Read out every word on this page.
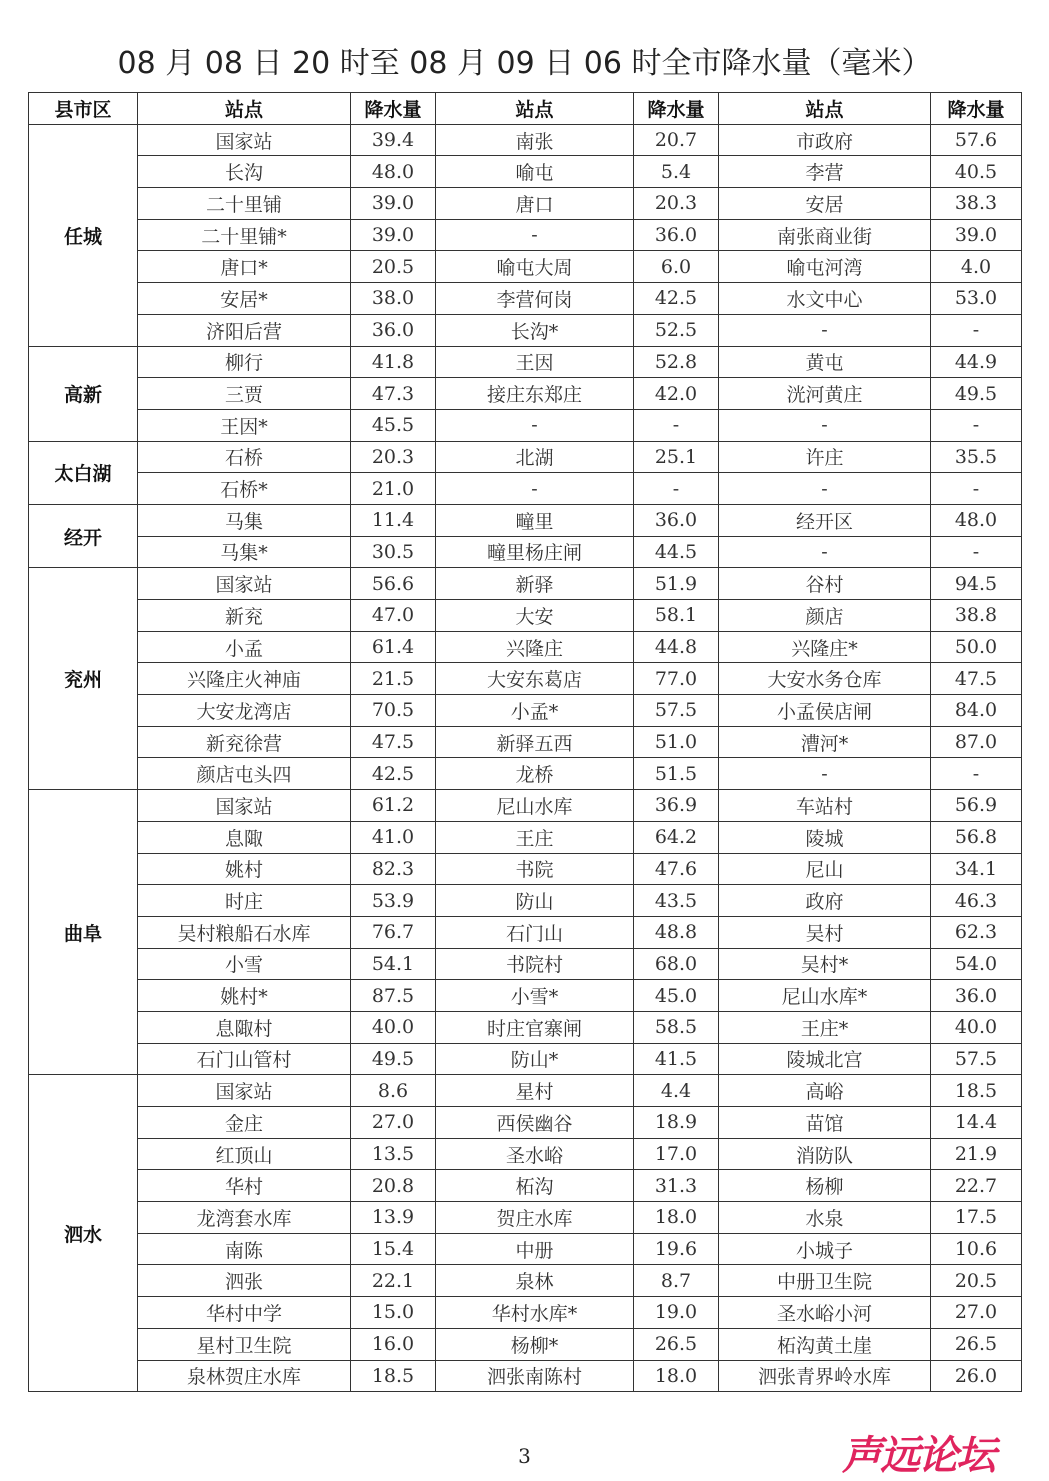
08 月 08 日 20 时至 08 月 09 日 06 时全市降水量（毫米）
县市区	站点	降水量	站点	降水量	站点	降水量
任城	国家站	39.4	南张	20.7	市政府	57.6
	长沟	48.0	喻屯	5.4	李营	40.5
	二十里铺	39.0	唐口	20.3	安居	38.3
	二十里铺*	39.0	-	36.0	南张商业街	39.0
	唐口*	20.5	喻屯大周	6.0	喻屯河湾	4.0
	安居*	38.0	李营何岗	42.5	水文中心	53.0
	济阳后营	36.0	长沟*	52.5	-	-
高新	柳行	41.8	王因	52.8	黄屯	44.9
	三贾	47.3	接庄东郑庄	42.0	洸河黄庄	49.5
	王因*	45.5	-	-	-	-
太白湖	石桥	20.3	北湖	25.1	许庄	35.5
	石桥*	21.0	-	-	-	-
经开	马集	11.4	疃里	36.0	经开区	48.0
	马集*	30.5	疃里杨庄闸	44.5	-	-
兖州	国家站	56.6	新驿	51.9	谷村	94.5
	新兖	47.0	大安	58.1	颜店	38.8
	小孟	61.4	兴隆庄	44.8	兴隆庄*	50.0
	兴隆庄火神庙	21.5	大安东葛店	77.0	大安水务仓库	47.5
	大安龙湾店	70.5	小孟*	57.5	小孟侯店闸	84.0
	新兖徐营	47.5	新驿五西	51.0	漕河*	87.0
	颜店屯头四	42.5	龙桥	51.5	-	-
曲阜	国家站	61.2	尼山水库	36.9	车站村	56.9
	息陬	41.0	王庄	64.2	陵城	56.8
	姚村	82.3	书院	47.6	尼山	34.1
	时庄	53.9	防山	43.5	政府	46.3
	吴村粮船石水库	76.7	石门山	48.8	吴村	62.3
	小雪	54.1	书院村	68.0	吴村*	54.0
	姚村*	87.5	小雪*	45.0	尼山水库*	36.0
	息陬村	40.0	时庄官寨闸	58.5	王庄*	40.0
	石门山管村	49.5	防山*	41.5	陵城北宫	57.5
泗水	国家站	8.6	星村	4.4	高峪	18.5
	金庄	27.0	西侯幽谷	18.9	苗馆	14.4
	红顶山	13.5	圣水峪	17.0	消防队	21.9
	华村	20.8	柘沟	31.3	杨柳	22.7
	龙湾套水库	13.9	贺庄水库	18.0	水泉	17.5
	南陈	15.4	中册	19.6	小城子	10.6
	泗张	22.1	泉林	8.7	中册卫生院	20.5
	华村中学	15.0	华村水库*	19.0	圣水峪小河	27.0
	星村卫生院	16.0	杨柳*	26.5	柘沟黄土崖	26.5
	泉林贺庄水库	18.5	泗张南陈村	18.0	泗张青界岭水库	26.0
3	声远论坛
